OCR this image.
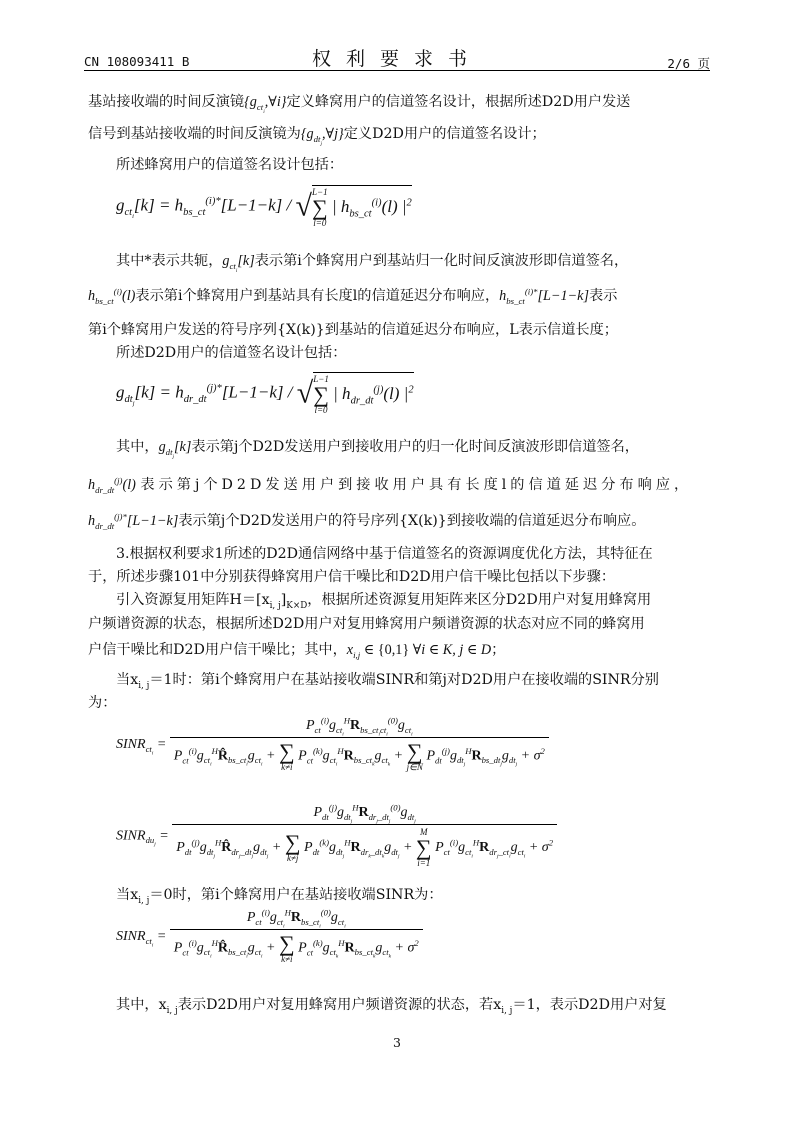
CN 108093411 B	权利要求书	2/6 页
基站接收端的时间反演镜$\{g_{ct_i},\forall i\}$定义蜂窝用户的信道签名设计，根据所述D2D用户发送
信号到基站接收端的时间反演镜为$\{g_{dt_j},\forall j\}$定义D2D用户的信道签名设计；
所述蜂窝用户的信道签名设计包括：
$g_{ct_i}[k] = h_{bs\_ct}^{(i)*}[L-1-k]$ / √ L−1
∑
l=0
| $h_{bs\_ct}^{(i)}(l)$ $|^2$
其中*表示共轭，$g_{ct_i}[k]$表示第i个蜂窝用户到基站归一化时间反演波形即信道签名，
$h_{bs\_ct}^{(i)}(l)$表示第i个蜂窝用户到基站具有长度l的信道延迟分布响应，$h_{bs\_ct}^{(i)*}[L-1-k]$表示
第i个蜂窝用户发送的符号序列{X(k)}到基站的信道延迟分布响应，L表示信道长度；
所述D2D用户的信道签名设计包括：
$g_{dt_j}[k] = h_{dr\_dt}^{(j)*}[L-1-k]$ / √ L−1
∑
l=0
| $h_{dr\_dt}^{(j)}(l)$ $|^2$
其中，$g_{dt_j}[k]$表示第j个D2D发送用户到接收用户的归一化时间反演波形即信道签名，
$h_{dr\_dt}^{(j)}(l)$ 表示第j个D2D发送用户到接收用户具有长度l的信道延迟分布响应，
$h_{dr\_dt}^{(j)*}[L-1-k]$表示第j个D2D发送用户的符号序列{X(k)}到接收端的信道延迟分布响应。
3.根据权利要求1所述的D2D通信网络中基于信道签名的资源调度优化方法，其特征在
于，所述步骤101中分别获得蜂窝用户信干噪比和D2D用户信干噪比包括以下步骤：
引入资源复用矩阵$H=[x_{i, j}]_{K\times D}$，根据所述资源复用矩阵来区分D2D用户对复用蜂窝用
户频谱资源的状态，根据所述D2D用户对复用蜂窝用户频谱资源的状态对应不同的蜂窝用
户信干噪比和D2D用户信干噪比；其中，$x_{i,j}$ ∈ {0,1} ∀i ∈ K, j ∈ D；
当$x_{i, j}=1$时：第i个蜂窝用户在基站接收端SINR和第j对D2D用户在接收端的SINR分别
为：
$SINR_{ct_i}$ =
$P_{ct}^{(i)}g_{ct_i}^HR_{bs\_ct_ict_i}^{(0)}g_{ct_i}$
$P_{ct}^{(i)}g_{ct_i}^HR̂_{bs\_ct_i}g_{ct_i}$ + ∑
k≠i
$P_{ct}^{(k)}g_{ct_i}^HR_{bs\_ct_k}g_{ct_k}$ + ∑
j∈N
$P_{dt}^{(j)}g_{dt_j}^HR_{bs\_dt_j}g_{dt_j} + \sigma^2$
$SINR_{du_j}$ =
$P_{dt}^{(j)}g_{dt_j}^HR_{dr_j\_dt_j}^{(0)}g_{dt_j}$
$P_{dt}^{(j)}g_{dt_j}^HR̂_{dr_j\_dt_j}g_{dt_j}$ + ∑
k≠j
$P_{dt}^{(k)}g_{dt_j}^HR_{dr_k\_dt_k}g_{dt_j}$ +
M
∑
i=1
$P_{ct}^{(i)}g_{ct_i}^HR_{dr_j\_ct_i}g_{ct_i} + \sigma^2$
当$x_{i, j}=0$时，第i个蜂窝用户在基站接收端SINR为：
$SINR_{ct_i} = P_{ct}^{(i)}g_{ct_i}^HR_{bs\_ct_i}^{(0)}g_{ct_i}$
$P_{ct}^{(i)}g_{ct_i}^HR̂_{bs\_ct_i}g_{ct_i}$ + ∑
k≠i
$P_{ct}^{(k)}g_{ct_k}^HR_{bs\_ct_k}g_{ct_k} + \sigma^2$
其中，$x_{i, j}$表示D2D用户对复用蜂窝用户频谱资源的状态，若$x_{i, j}=1$，表示D2D用户对复
3
